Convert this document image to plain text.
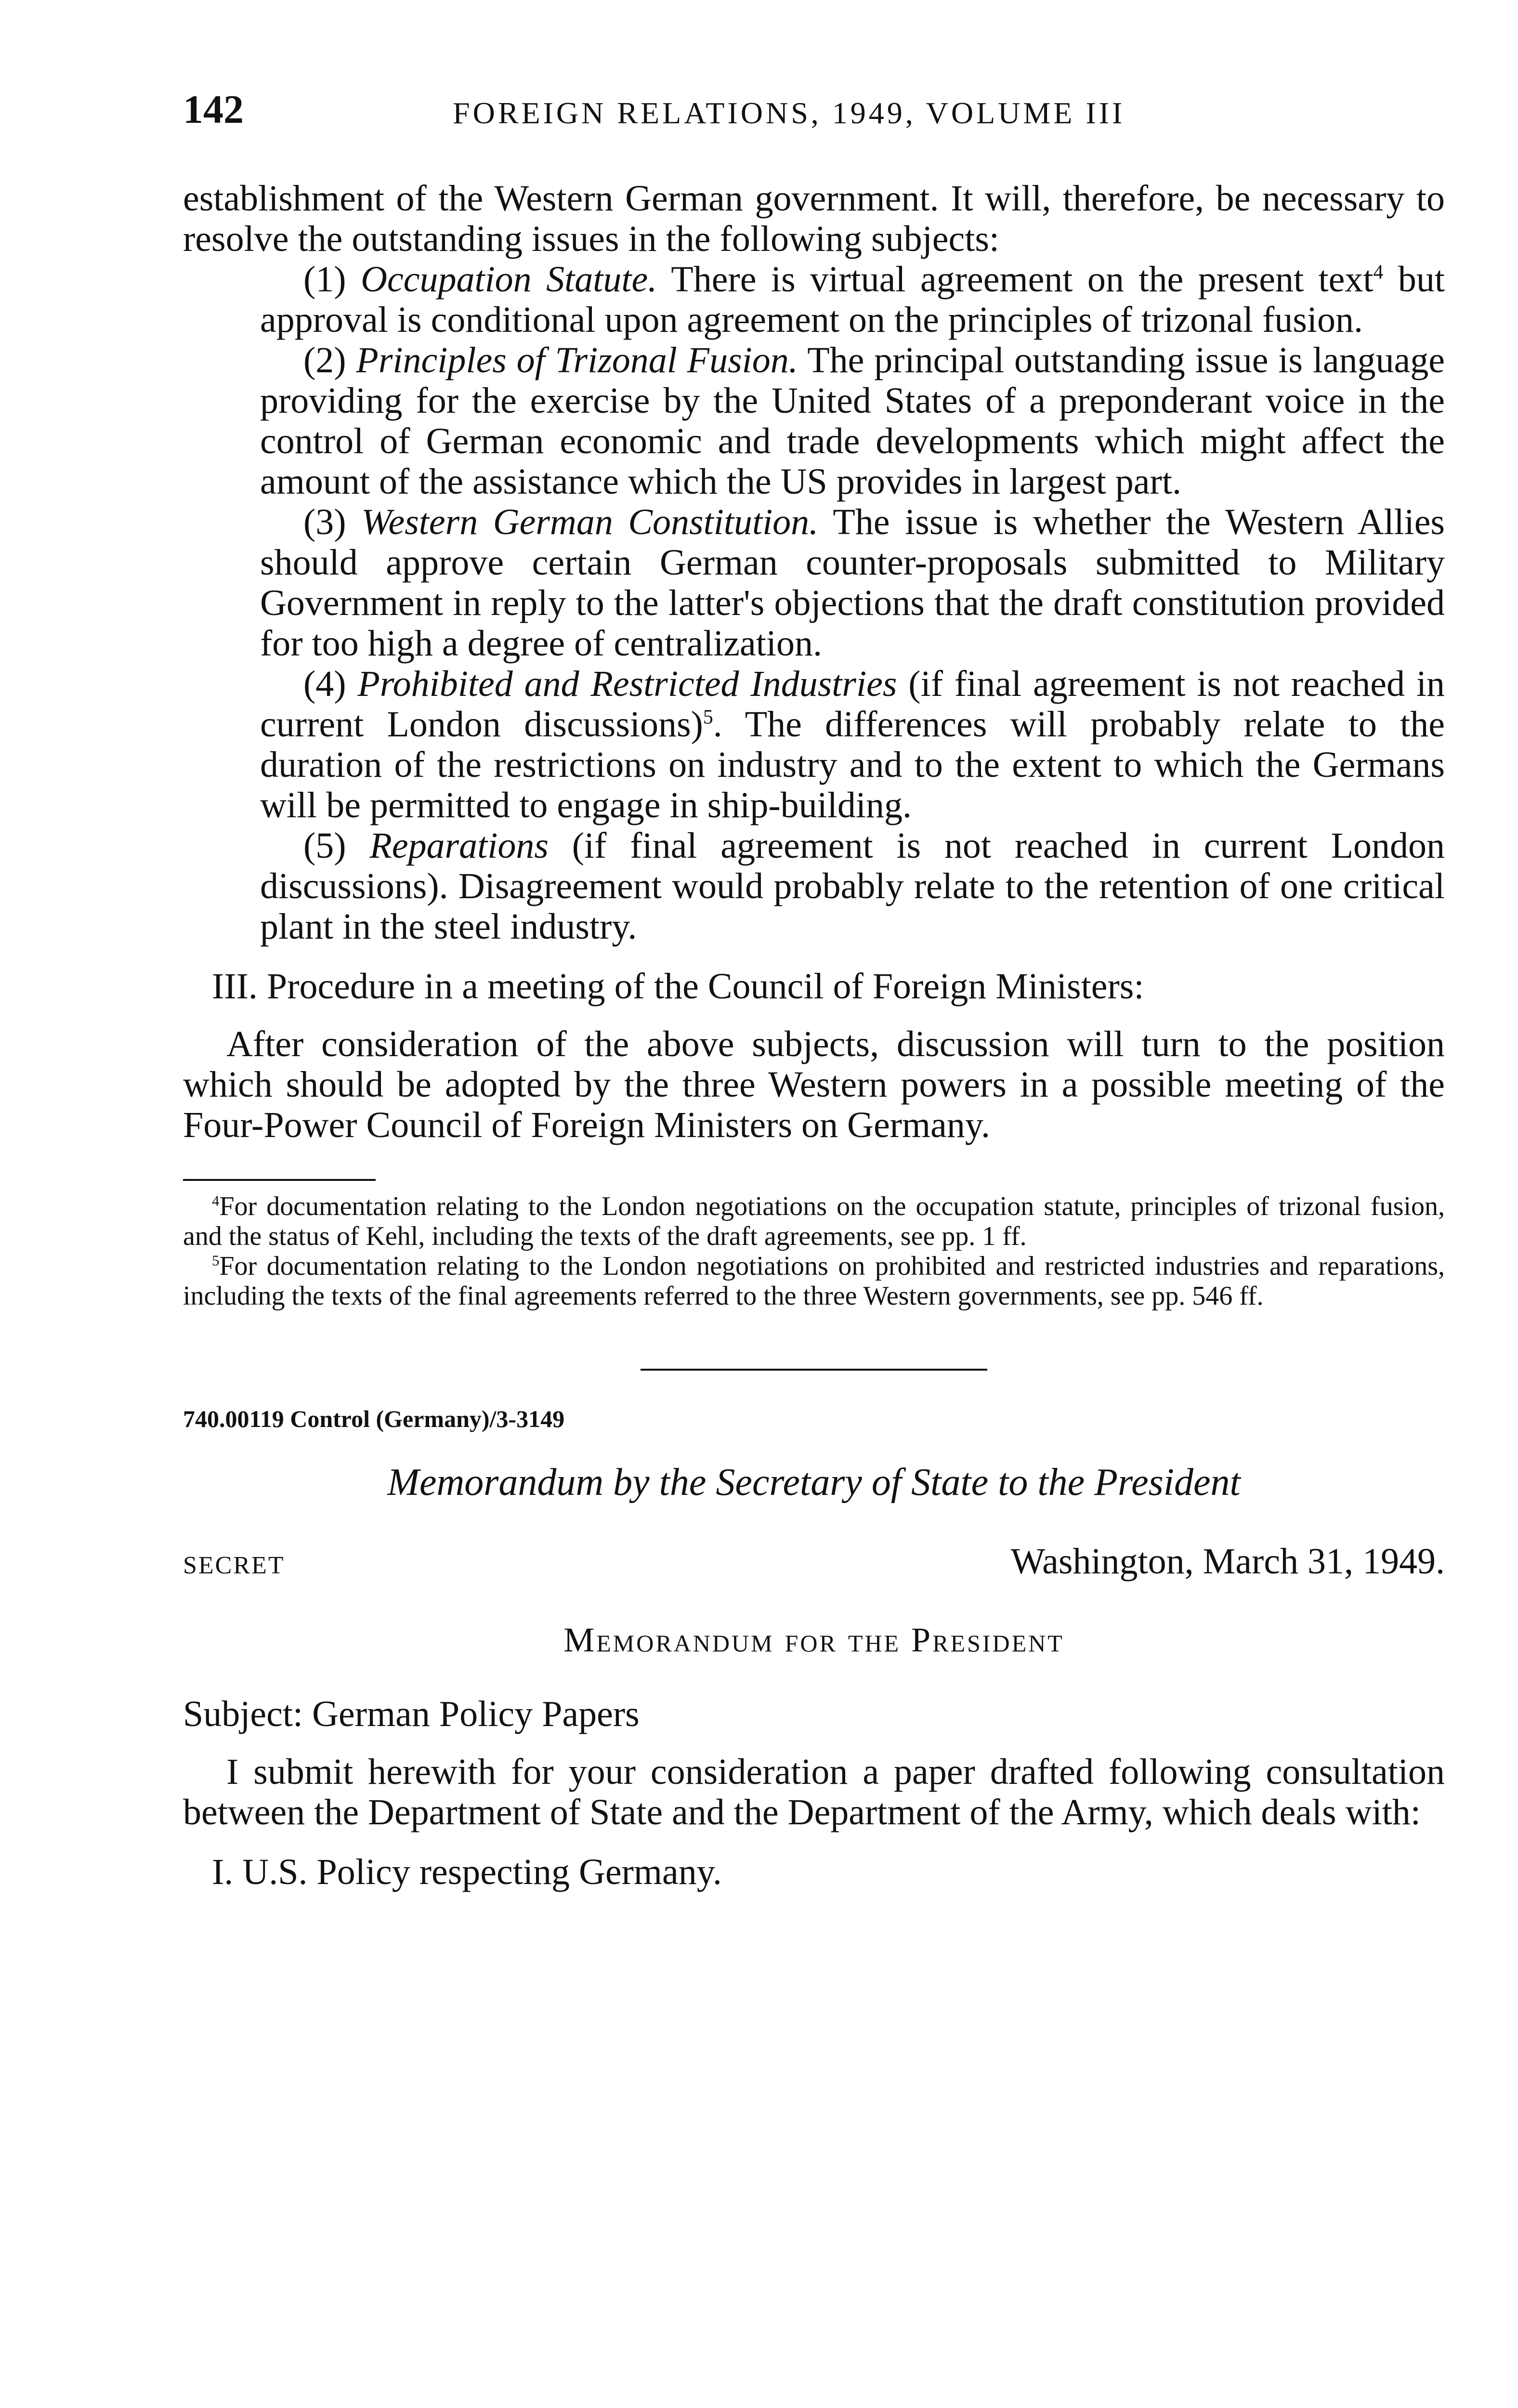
142	FOREIGN RELATIONS, 1949, VOLUME III

establishment of the Western German government. It will, therefore, be necessary to resolve the outstanding issues in the following subjects:

(1) Occupation Statute. There is virtual agreement on the present text$^4$ but approval is conditional upon agreement on the principles of trizonal fusion.

(2) Principles of Trizonal Fusion. The principal outstanding issue is language providing for the exercise by the United States of a preponderant voice in the control of German economic and trade developments which might affect the amount of the assistance which the US provides in largest part.

(3) Western German Constitution. The issue is whether the Western Allies should approve certain German counter-proposals submitted to Military Government in reply to the latter's objections that the draft constitution provided for too high a degree of centralization.

(4) Prohibited and Restricted Industries (if final agreement is not reached in current London discussions)$^5$. The differences will probably relate to the duration of the restrictions on industry and to the extent to which the Germans will be permitted to engage in ship-building.

(5) Reparations (if final agreement is not reached in current London discussions). Disagreement would probably relate to the retention of one critical plant in the steel industry.

III. Procedure in a meeting of the Council of Foreign Ministers:

After consideration of the above subjects, discussion will turn to the position which should be adopted by the three Western powers in a possible meeting of the Four-Power Council of Foreign Ministers on Germany.

$^4$For documentation relating to the London negotiations on the occupation statute, principles of trizonal fusion, and the status of Kehl, including the texts of the draft agreements, see pp. 1 ff.

$^5$For documentation relating to the London negotiations on prohibited and restricted industries and reparations, including the texts of the final agreements referred to the three Western governments, see pp. 546 ff.

740.00119 Control (Germany)/3-3149

Memorandum by the Secretary of State to the President

SECRET	Washington, March 31, 1949.

Memorandum for the President

Subject: German Policy Papers

I submit herewith for your consideration a paper drafted following consultation between the Department of State and the Department of the Army, which deals with:

I. U.S. Policy respecting Germany.
